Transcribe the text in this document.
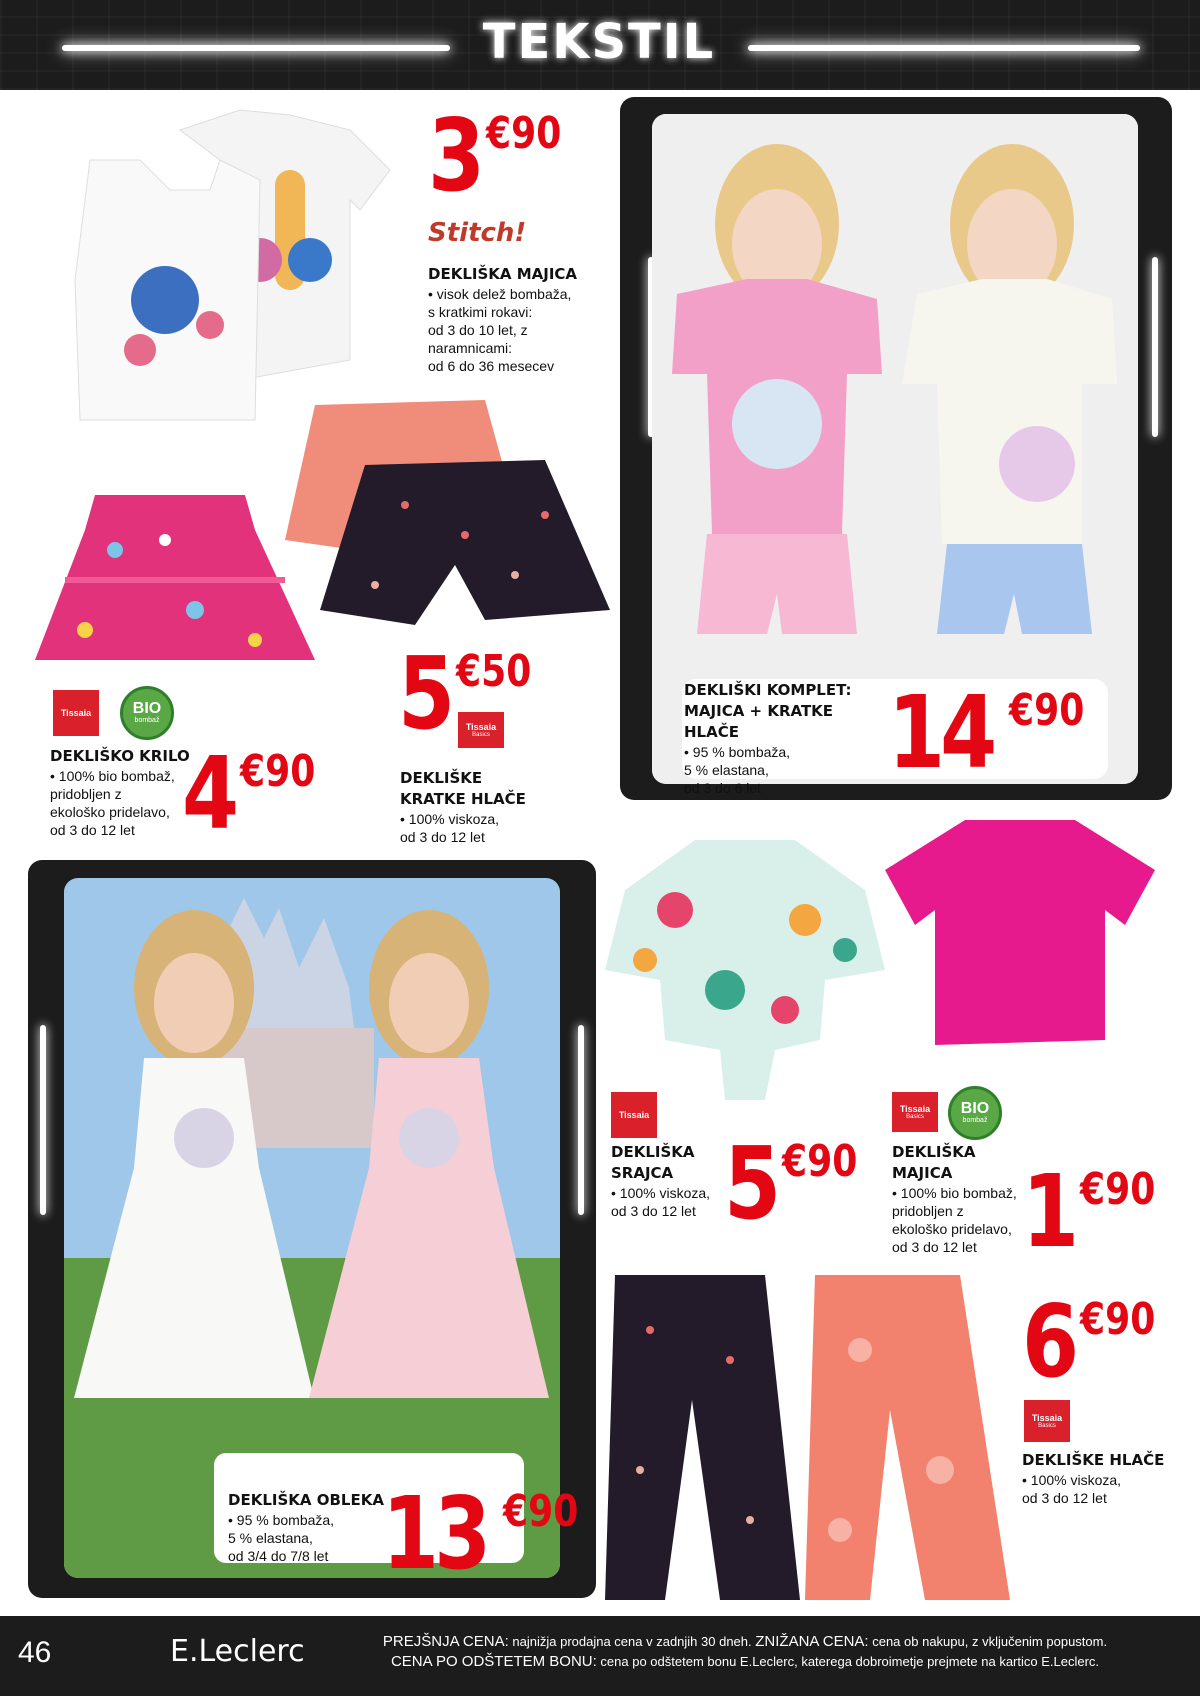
TEKSTIL
Stitch!
3 €90
DEKLIŠKA MAJICA
• visok delež bombaža,
s kratkimi rokavi:
od 3 do 10 let, z
naramnicami:
od 6 do 36 mesecev
Tissaia	BIO
bombaž
DEKLIŠKO KRILO
• 100% bio bombaž,
pridobljen z
ekološko pridelavo,
od 3 do 12 let 4 €90
5 €50
Tissaia
Basics
DEKLIŠKE
KRATKE HLAČE
• 100% viskoza,
od 3 do 12 let
DEKLIŠKI KOMPLET:
MAJICA + KRATKE HLAČE
• 95 % bombaža,
5 % elastana,
od 3 do 6 let	14 €90
DEKLIŠKA OBLEKA
• 95 % bombaža,
5 % elastana,
od 3/4 do 7/8 let 13 €90
Tissaia
DEKLIŠKA
SRAJCA
• 100% viskoza,
od 3 do 12 let 5 €90
Tissaia
Basics BIO
bombaž
DEKLIŠKA
MAJICA
• 100% bio bombaž,
pridobljen z
ekološko pridelavo,
od 3 do 12 let 1 €90
6 €90
Tissaia
Basics
DEKLIŠKE HLAČE
• 100% viskoza,
od 3 do 12 let
46	E.Leclerc	PREJŠNJA CENA: najnižja prodajna cena v zadnjih 30 dneh. ZNIŽANA CENA: cena ob nakupu, z vključenim popustom.
CENA PO ODŠTETEM BONU: cena po odštetem bonu E.Leclerc, katerega dobroimetje prejmete na kartico E.Leclerc.
